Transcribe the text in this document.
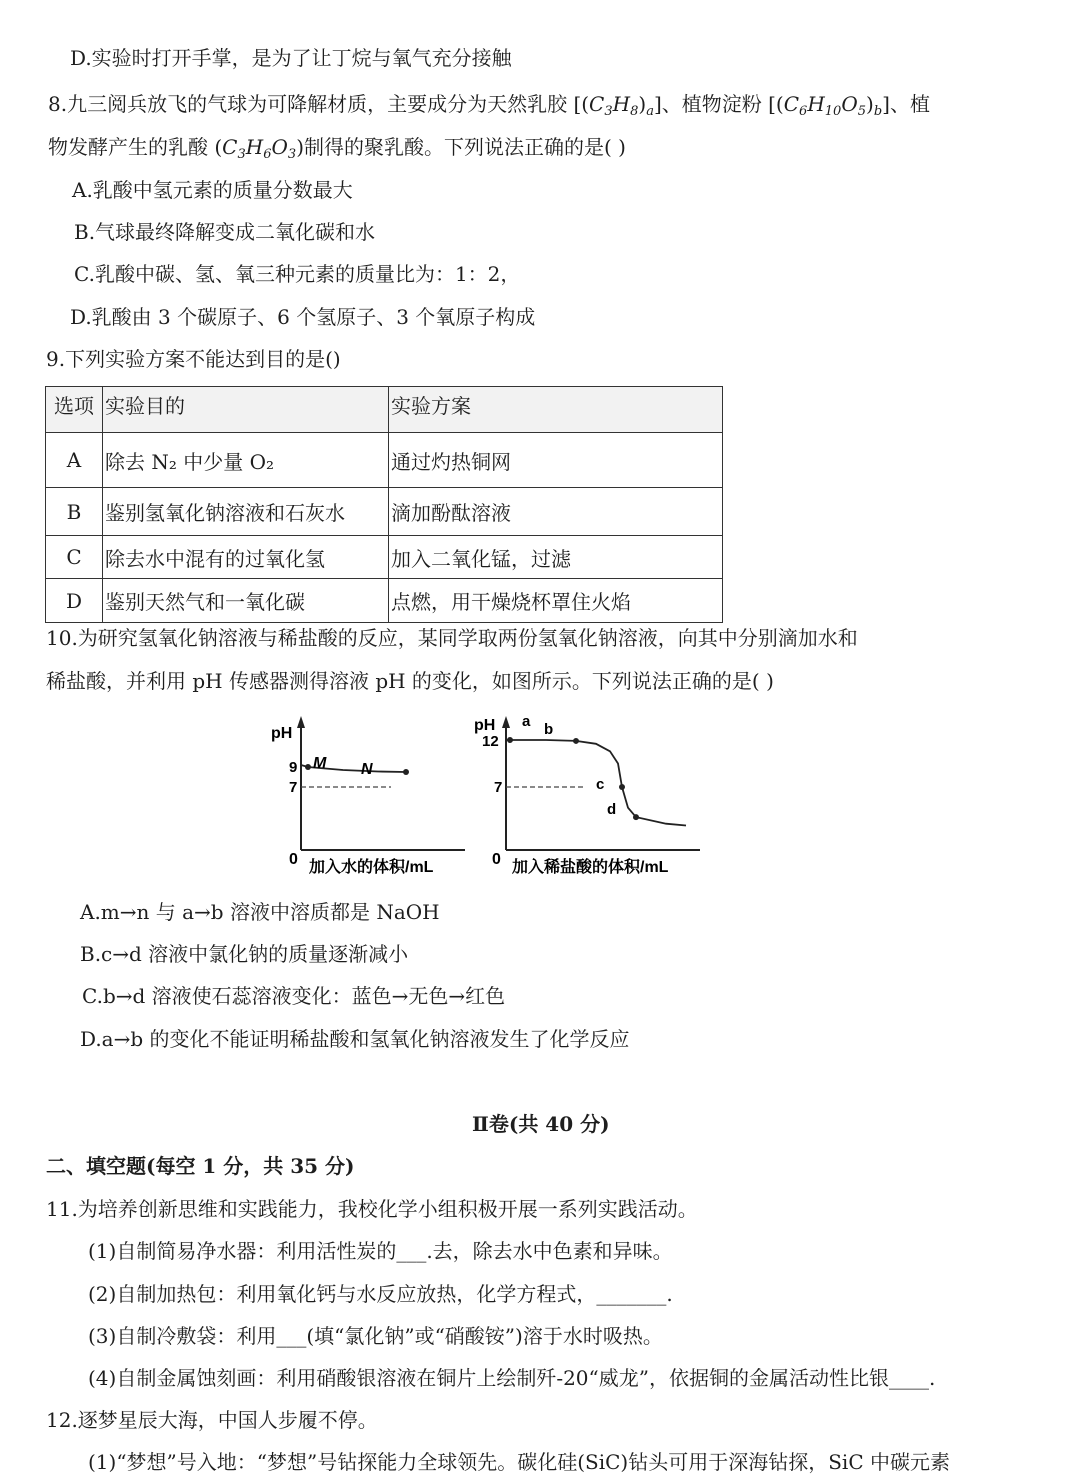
D.实验时打开手掌，是为了让丁烷与氧气充分接触
8.九三阅兵放飞的气球为可降解材质，主要成分为天然乳胶 $[(C_3H_8)_a]$、植物淀粉 $[(C_6H_{10}O_5)_b]$、植
物发酵产生的乳酸 $(C_3H_6O_3)$制得的聚乳酸。下列说法正确的是( )
A.乳酸中氢元素的质量分数最大
B.气球最终降解变成二氧化碳和水
C.乳酸中碳、氢、氧三种元素的质量比为：1：2，
D.乳酸由 3 个碳原子、6 个氢原子、3 个氧原子构成
9.下列实验方案不能达到目的是()
选项	实验目的	实验方案
A	除去 N₂ 中少量 O₂	通过灼热铜网
B	鉴别氢氧化钠溶液和石灰水	滴加酚酞溶液
C	除去水中混有的过氧化氢	加入二氧化锰，过滤
D	鉴别天然气和一氧化碳	点燃，用干燥烧杯罩住火焰
10.为研究氢氧化钠溶液与稀盐酸的反应，某同学取两份氢氧化钠溶液，向其中分别滴加水和
稀盐酸，并利用 pH 传感器测得溶液 pH 的变化，如图所示。下列说法正确的是( )
pH
9
7
M N
0 加入水的体积/mL
pH
12
7
a b
c
d
0 加入稀盐酸的体积/mL
A.m→n 与 a→b 溶液中溶质都是 NaOH
B.c→d 溶液中氯化钠的质量逐渐减小
C.b→d 溶液使石蕊溶液变化：蓝色→无色→红色
D.a→b 的变化不能证明稀盐酸和氢氧化钠溶液发生了化学反应
Ⅱ卷(共 40 分)
二、填空题(每空 1 分，共 35 分)
11.为培养创新思维和实践能力，我校化学小组积极开展一系列实践活动。
(1)自制简易净水器：利用活性炭的___.去，除去水中色素和异味。
(2)自制加热包：利用氧化钙与水反应放热，化学方程式，_______.
(3)自制冷敷袋：利用___(填“氯化钠”或“硝酸铵”)溶于水时吸热。
(4)自制金属蚀刻画：利用硝酸银溶液在铜片上绘制歼-20“威龙”，依据铜的金属活动性比银____.
12.逐梦星辰大海，中国人步履不停。
(1)“梦想”号入地：“梦想”号钻探能力全球领先。碳化硅(SiC)钻头可用于深海钻探，SiC 中碳元素
